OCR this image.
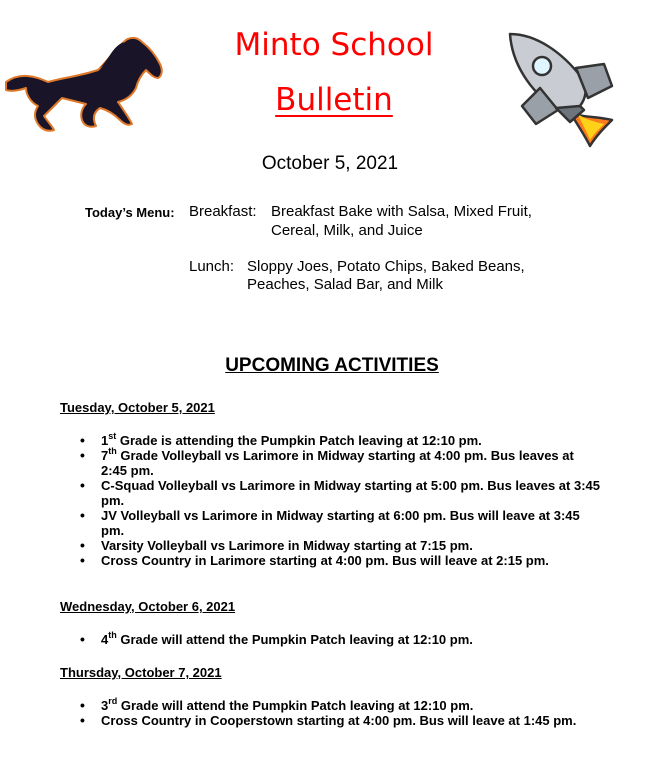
Minto School
Bulletin
October 5, 2021
Today’s Menu: Breakfast: Breakfast Bake with Salsa, Mixed Fruit,
Cereal, Milk, and Juice
Lunch: Sloppy Joes, Potato Chips, Baked Beans,
Peaches, Salad Bar, and Milk
UPCOMING ACTIVITIES
Tuesday, October 5, 2021
• 1st Grade is attending the Pumpkin Patch leaving at 12:10 pm.
• 7th Grade Volleyball vs Larimore in Midway starting at 4:00 pm. Bus leaves at 2:45 pm.
• C-Squad Volleyball vs Larimore in Midway starting at 5:00 pm. Bus leaves at 3:45 pm.
• JV Volleyball vs Larimore in Midway starting at 6:00 pm. Bus will leave at 3:45 pm.
• Varsity Volleyball vs Larimore in Midway starting at 7:15 pm.
• Cross Country in Larimore starting at 4:00 pm. Bus will leave at 2:15 pm.
Wednesday, October 6, 2021
• 4th Grade will attend the Pumpkin Patch leaving at 12:10 pm.
Thursday, October 7, 2021
• 3rd Grade will attend the Pumpkin Patch leaving at 12:10 pm.
• Cross Country in Cooperstown starting at 4:00 pm. Bus will leave at 1:45 pm.
